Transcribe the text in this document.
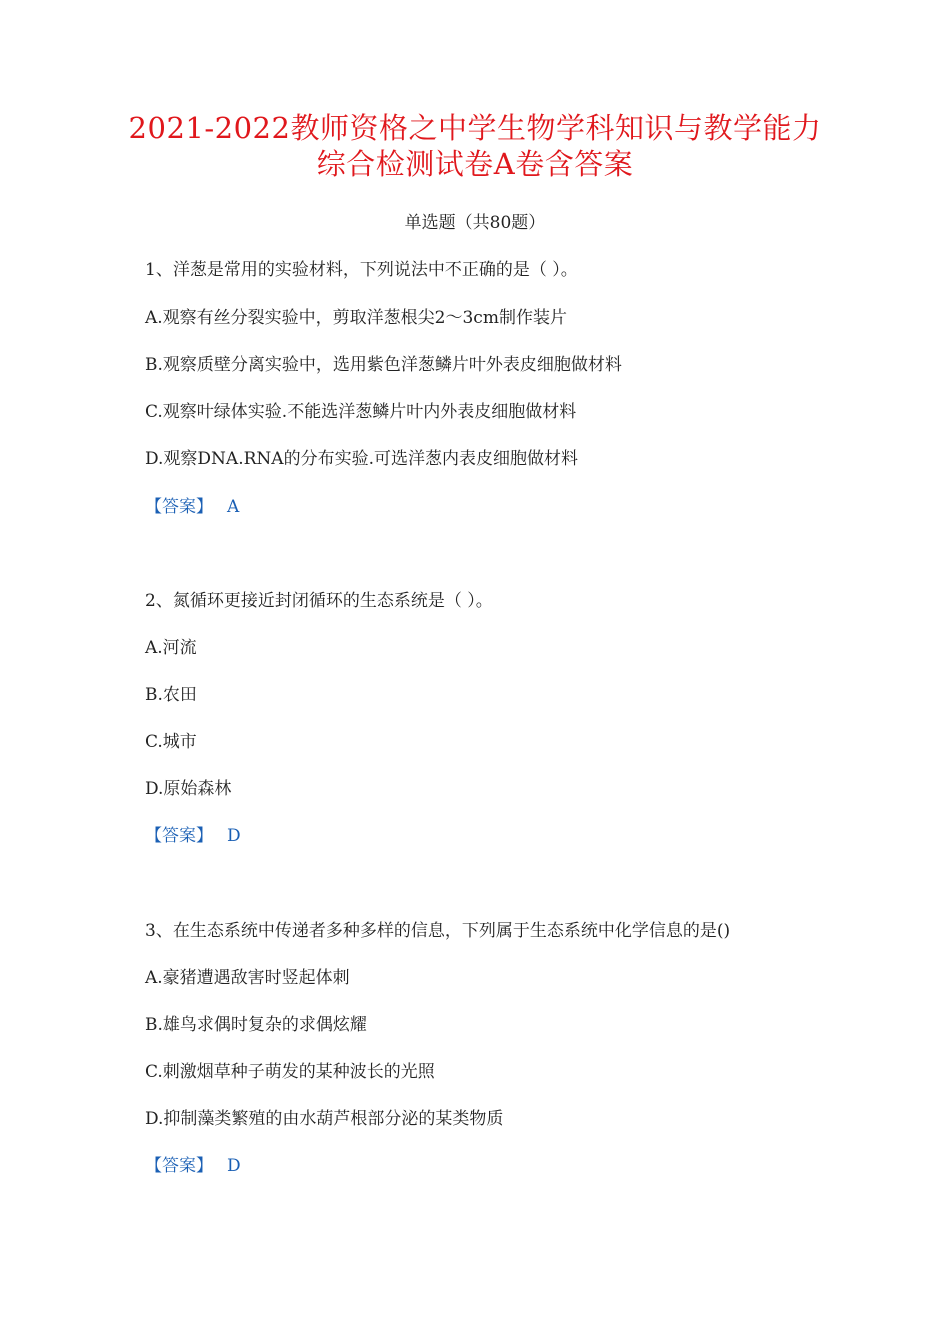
2021-2022教师资格之中学生物学科知识与教学能力
综合检测试卷A卷含答案
单选题（共80题）
1、洋葱是常用的实验材料，下列说法中不正确的是（ ）。
A.观察有丝分裂实验中，剪取洋葱根尖2～3cm制作装片
B.观察质壁分离实验中，选用紫色洋葱鳞片叶外表皮细胞做材料
C.观察叶绿体实验.不能选洋葱鳞片叶内外表皮细胞做材料
D.观察DNA.RNA的分布实验.可选洋葱内表皮细胞做材料
【答案】 A
2、氮循环更接近封闭循环的生态系统是（ ）。
A.河流
B.农田
C.城市
D.原始森林
【答案】 D
3、在生态系统中传递者多种多样的信息，下列属于生态系统中化学信息的是()
A.豪猪遭遇敌害时竖起体刺
B.雄鸟求偶时复杂的求偶炫耀
C.刺激烟草种子萌发的某种波长的光照
D.抑制藻类繁殖的由水葫芦根部分泌的某类物质
【答案】 D
